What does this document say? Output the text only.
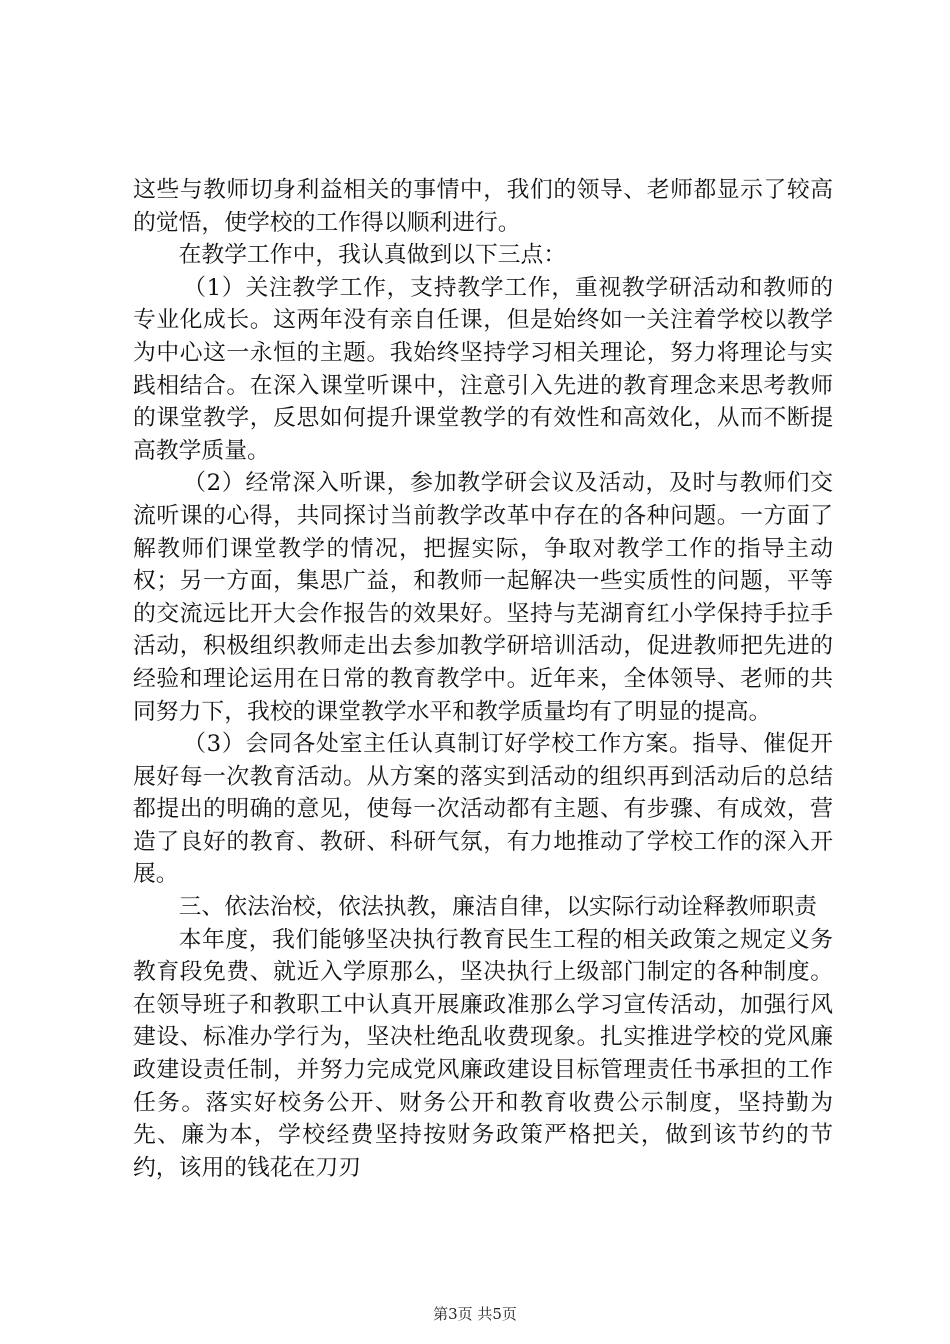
这些与教师切身利益相关的事情中，我们的领导、老师都显示了较高的觉悟，使学校的工作得以顺利进行。

在教学工作中，我认真做到以下三点：

（1）关注教学工作，支持教学工作，重视教学研活动和教师的专业化成长。这两年没有亲自任课，但是始终如一关注着学校以教学为中心这一永恒的主题。我始终坚持学习相关理论，努力将理论与实践相结合。在深入课堂听课中，注意引入先进的教育理念来思考教师的课堂教学，反思如何提升课堂教学的有效性和高效化，从而不断提高教学质量。

（2）经常深入听课，参加教学研会议及活动，及时与教师们交流听课的心得，共同探讨当前教学改革中存在的各种问题。一方面了解教师们课堂教学的情况，把握实际，争取对教学工作的指导主动权；另一方面，集思广益，和教师一起解决一些实质性的问题，平等的交流远比开大会作报告的效果好。坚持与芜湖育红小学保持手拉手活动，积极组织教师走出去参加教学研培训活动，促进教师把先进的经验和理论运用在日常的教育教学中。近年来，全体领导、老师的共同努力下，我校的课堂教学水平和教学质量均有了明显的提高。

（3）会同各处室主任认真制订好学校工作方案。指导、催促开展好每一次教育活动。从方案的落实到活动的组织再到活动后的总结都提出的明确的意见，使每一次活动都有主题、有步骤、有成效，营造了良好的教育、教研、科研气氛，有力地推动了学校工作的深入开展。

三、依法治校，依法执教，廉洁自律，以实际行动诠释教师职责

本年度，我们能够坚决执行教育民生工程的相关政策之规定义务教育段免费、就近入学原那么，坚决执行上级部门制定的各种制度。在领导班子和教职工中认真开展廉政准那么学习宣传活动，加强行风建设、标准办学行为，坚决杜绝乱收费现象。扎实推进学校的党风廉政建设责任制，并努力完成党风廉政建设目标管理责任书承担的工作任务。落实好校务公开、财务公开和教育收费公示制度，坚持勤为先、廉为本，学校经费坚持按财务政策严格把关，做到该节约的节约，该用的钱花在刀刃

第3页 共5页
